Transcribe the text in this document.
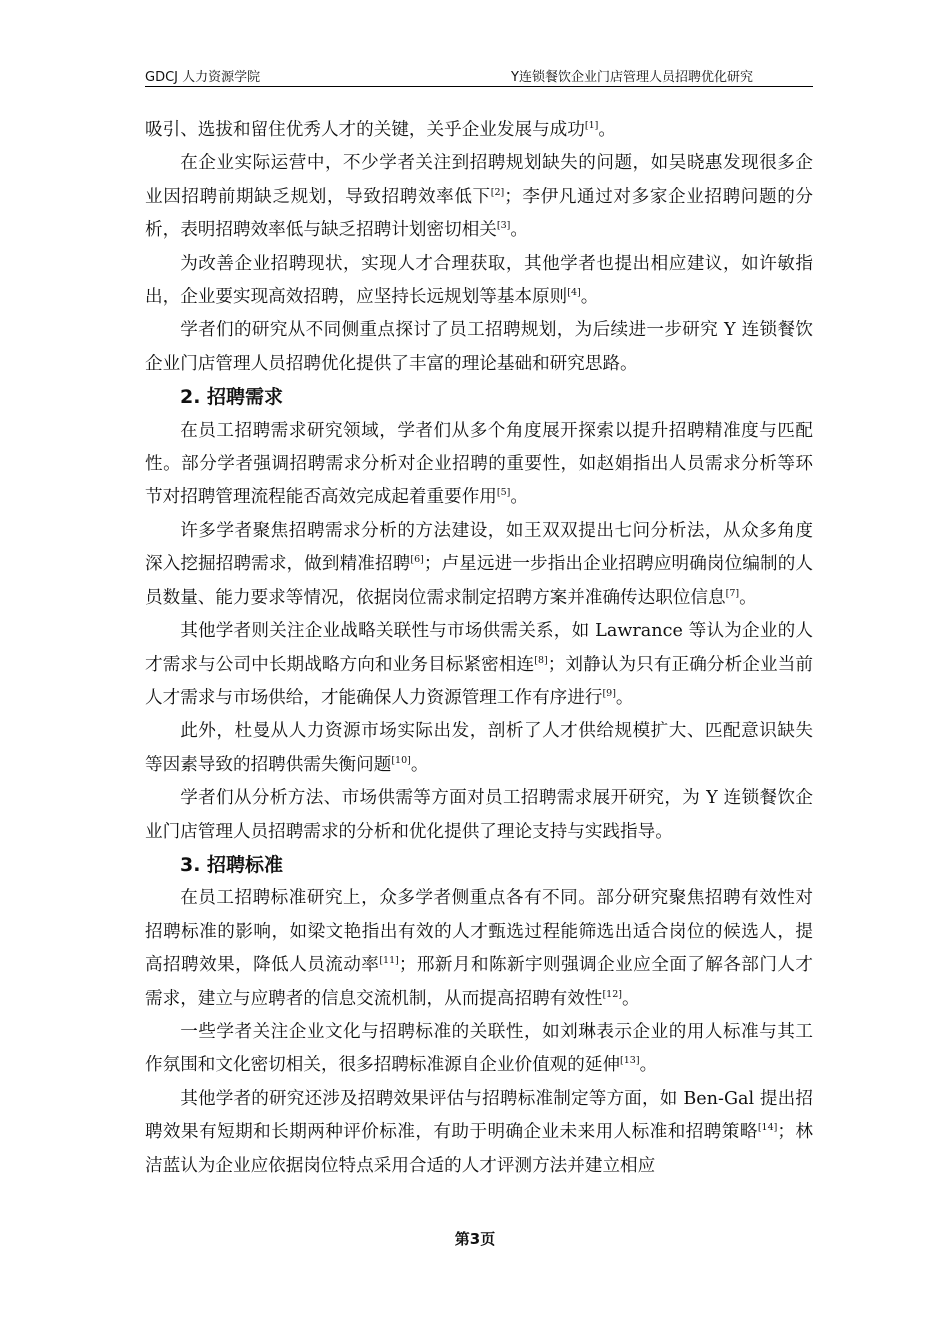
GDCJ 人力资源学院	Y连锁餐饮企业门店管理人员招聘优化研究

吸引、选拔和留住优秀人才的关键，关乎企业发展与成功[1]。

在企业实际运营中，不少学者关注到招聘规划缺失的问题，如吴晓惠发现很多企业因招聘前期缺乏规划，导致招聘效率低下[2]；李伊凡通过对多家企业招聘问题的分析，表明招聘效率低与缺乏招聘计划密切相关[3]。

为改善企业招聘现状，实现人才合理获取，其他学者也提出相应建议，如许敏指出，企业要实现高效招聘，应坚持长远规划等基本原则[4]。

学者们的研究从不同侧重点探讨了员工招聘规划，为后续进一步研究 Y 连锁餐饮企业门店管理人员招聘优化提供了丰富的理论基础和研究思路。

2. 招聘需求

在员工招聘需求研究领域，学者们从多个角度展开探索以提升招聘精准度与匹配性。部分学者强调招聘需求分析对企业招聘的重要性，如赵娟指出人员需求分析等环节对招聘管理流程能否高效完成起着重要作用[5]。

许多学者聚焦招聘需求分析的方法建设，如王双双提出七问分析法，从众多角度深入挖掘招聘需求，做到精准招聘[6]；卢星远进一步指出企业招聘应明确岗位编制的人员数量、能力要求等情况，依据岗位需求制定招聘方案并准确传达职位信息[7]。

其他学者则关注企业战略关联性与市场供需关系，如 Lawrance 等认为企业的人才需求与公司中长期战略方向和业务目标紧密相连[8]；刘静认为只有正确分析企业当前人才需求与市场供给，才能确保人力资源管理工作有序进行[9]。

此外，杜曼从人力资源市场实际出发，剖析了人才供给规模扩大、匹配意识缺失等因素导致的招聘供需失衡问题[10]。

学者们从分析方法、市场供需等方面对员工招聘需求展开研究，为 Y 连锁餐饮企业门店管理人员招聘需求的分析和优化提供了理论支持与实践指导。

3. 招聘标准

在员工招聘标准研究上，众多学者侧重点各有不同。部分研究聚焦招聘有效性对招聘标准的影响，如梁文艳指出有效的人才甄选过程能筛选出适合岗位的候选人，提高招聘效果，降低人员流动率[11]；邢新月和陈新宇则强调企业应全面了解各部门人才需求，建立与应聘者的信息交流机制，从而提高招聘有效性[12]。

一些学者关注企业文化与招聘标准的关联性，如刘琳表示企业的用人标准与其工作氛围和文化密切相关，很多招聘标准源自企业价值观的延伸[13]。

其他学者的研究还涉及招聘效果评估与招聘标准制定等方面，如 Ben-Gal 提出招聘效果有短期和长期两种评价标准，有助于明确企业未来用人标准和招聘策略[14]；林洁蓝认为企业应依据岗位特点采用合适的人才评测方法并建立相应

第3页
